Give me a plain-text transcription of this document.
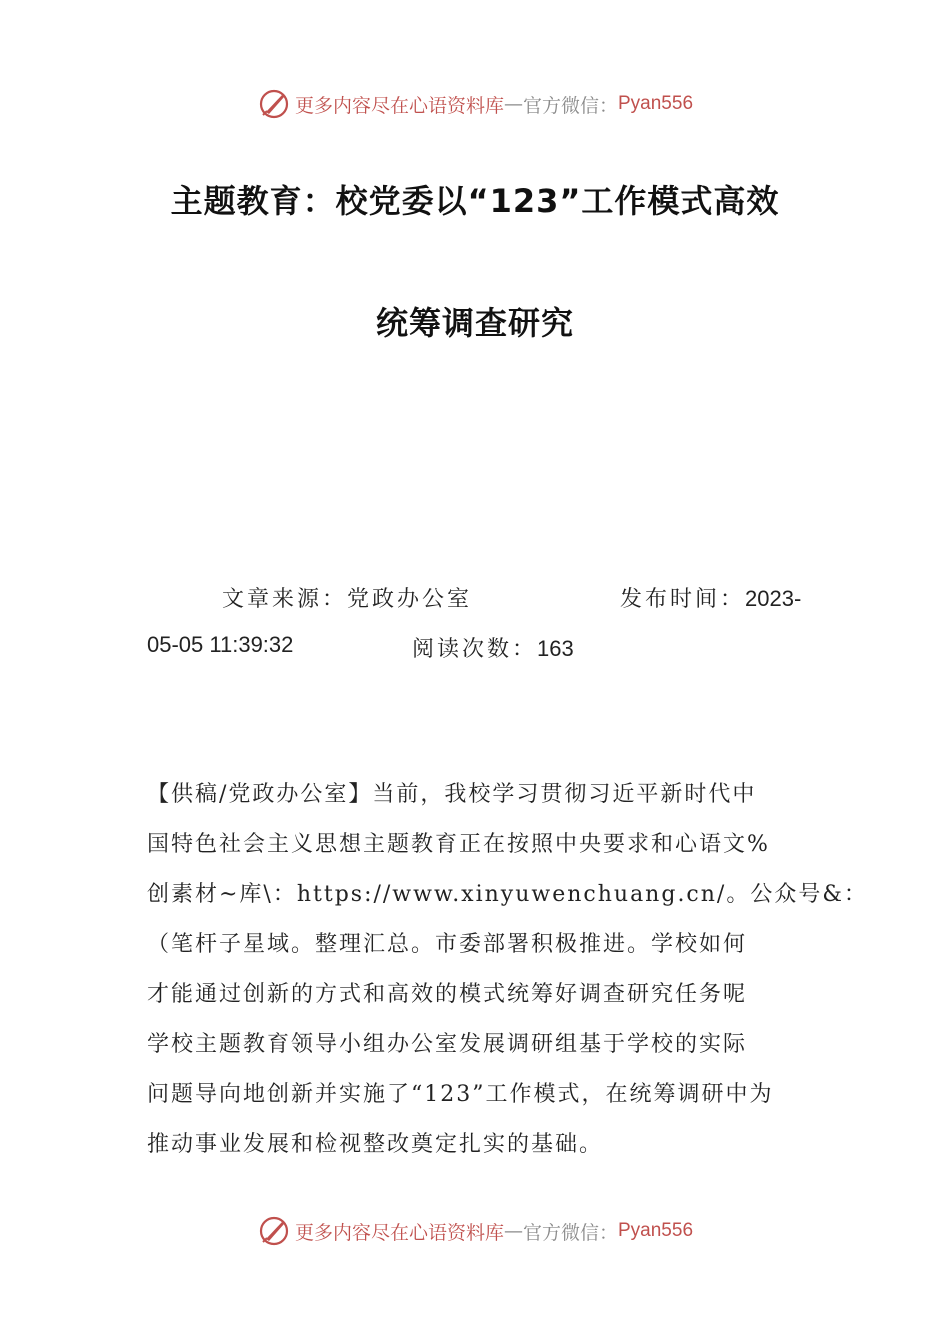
更多内容尽在心语资料库 — 官方微信： Pyan556
主题教育：校党委以“123”工作模式高效
统筹调查研究
文章来源：党政办公室	发布时间：2023-
05-05 11:39:32	阅读次数：163
【供稿/党政办公室】当前，我校学习贯彻习近平新时代中
国特色社会主义思想主题教育正在按照中央要求和心语文%
创素材~库\：https://www.xinyuwenchuang.cn/。公众号&：
（笔杆子星域。整理汇总。市委部署积极推进。学校如何
才能通过创新的方式和高效的模式统筹好调查研究任务呢
学校主题教育领导小组办公室发展调研组基于学校的实际
问题导向地创新并实施了“123”工作模式，在统筹调研中为
推动事业发展和检视整改奠定扎实的基础。
更多内容尽在心语资料库 — 官方微信： Pyan556
